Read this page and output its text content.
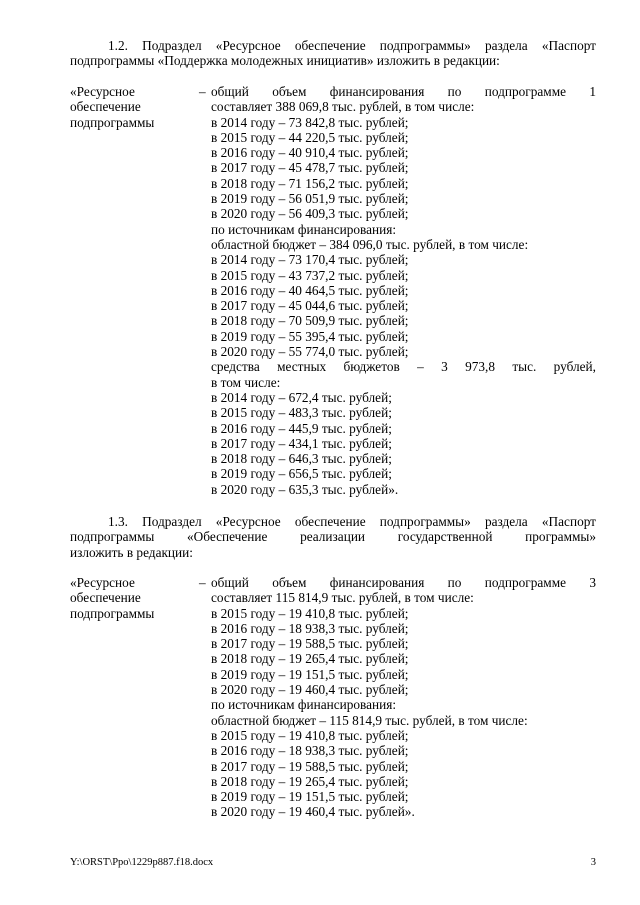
1.2. Подраздел «Ресурсное обеспечение подпрограммы» раздела «Паспорт
подпрограммы «Поддержка молодежных инициатив» изложить в редакции:
«Ресурсное
обеспечение
подпрограммы
– общий объем финансирования по подпрограмме 1
составляет 388 069,8 тыс. рублей, в том числе:
в 2014 году – 73 842,8 тыс. рублей;
в 2015 году – 44 220,5 тыс. рублей;
в 2016 году – 40 910,4 тыс. рублей;
в 2017 году – 45 478,7 тыс. рублей;
в 2018 году – 71 156,2 тыс. рублей;
в 2019 году – 56 051,9 тыс. рублей;
в 2020 году – 56 409,3 тыс. рублей;
по источникам финансирования:
областной бюджет – 384 096,0 тыс. рублей, в том числе:
в 2014 году – 73 170,4 тыс. рублей;
в 2015 году – 43 737,2 тыс. рублей;
в 2016 году – 40 464,5 тыс. рублей;
в 2017 году – 45 044,6 тыс. рублей;
в 2018 году – 70 509,9 тыс. рублей;
в 2019 году – 55 395,4 тыс. рублей;
в 2020 году – 55 774,0 тыс. рублей;
средства местных бюджетов – 3 973,8 тыс. рублей,
в том числе:
в 2014 году – 672,4 тыс. рублей;
в 2015 году – 483,3 тыс. рублей;
в 2016 году – 445,9 тыс. рублей;
в 2017 году – 434,1 тыс. рублей;
в 2018 году – 646,3 тыс. рублей;
в 2019 году – 656,5 тыс. рублей;
в 2020 году – 635,3 тыс. рублей».
1.3. Подраздел «Ресурсное обеспечение подпрограммы» раздела «Паспорт
подпрограммы «Обеспечение реализации государственной программы»
изложить в редакции:
«Ресурсное
обеспечение
подпрограммы
– общий объем финансирования по подпрограмме 3
составляет 115 814,9 тыс. рублей, в том числе:
в 2015 году – 19 410,8 тыс. рублей;
в 2016 году – 18 938,3 тыс. рублей;
в 2017 году – 19 588,5 тыс. рублей;
в 2018 году – 19 265,4 тыс. рублей;
в 2019 году – 19 151,5 тыс. рублей;
в 2020 году – 19 460,4 тыс. рублей;
по источникам финансирования:
областной бюджет – 115 814,9 тыс. рублей, в том числе:
в 2015 году – 19 410,8 тыс. рублей;
в 2016 году – 18 938,3 тыс. рублей;
в 2017 году – 19 588,5 тыс. рублей;
в 2018 году – 19 265,4 тыс. рублей;
в 2019 году – 19 151,5 тыс. рублей;
в 2020 году – 19 460,4 тыс. рублей».
Y:\ORST\Ppo\1229p887.f18.docx	3
